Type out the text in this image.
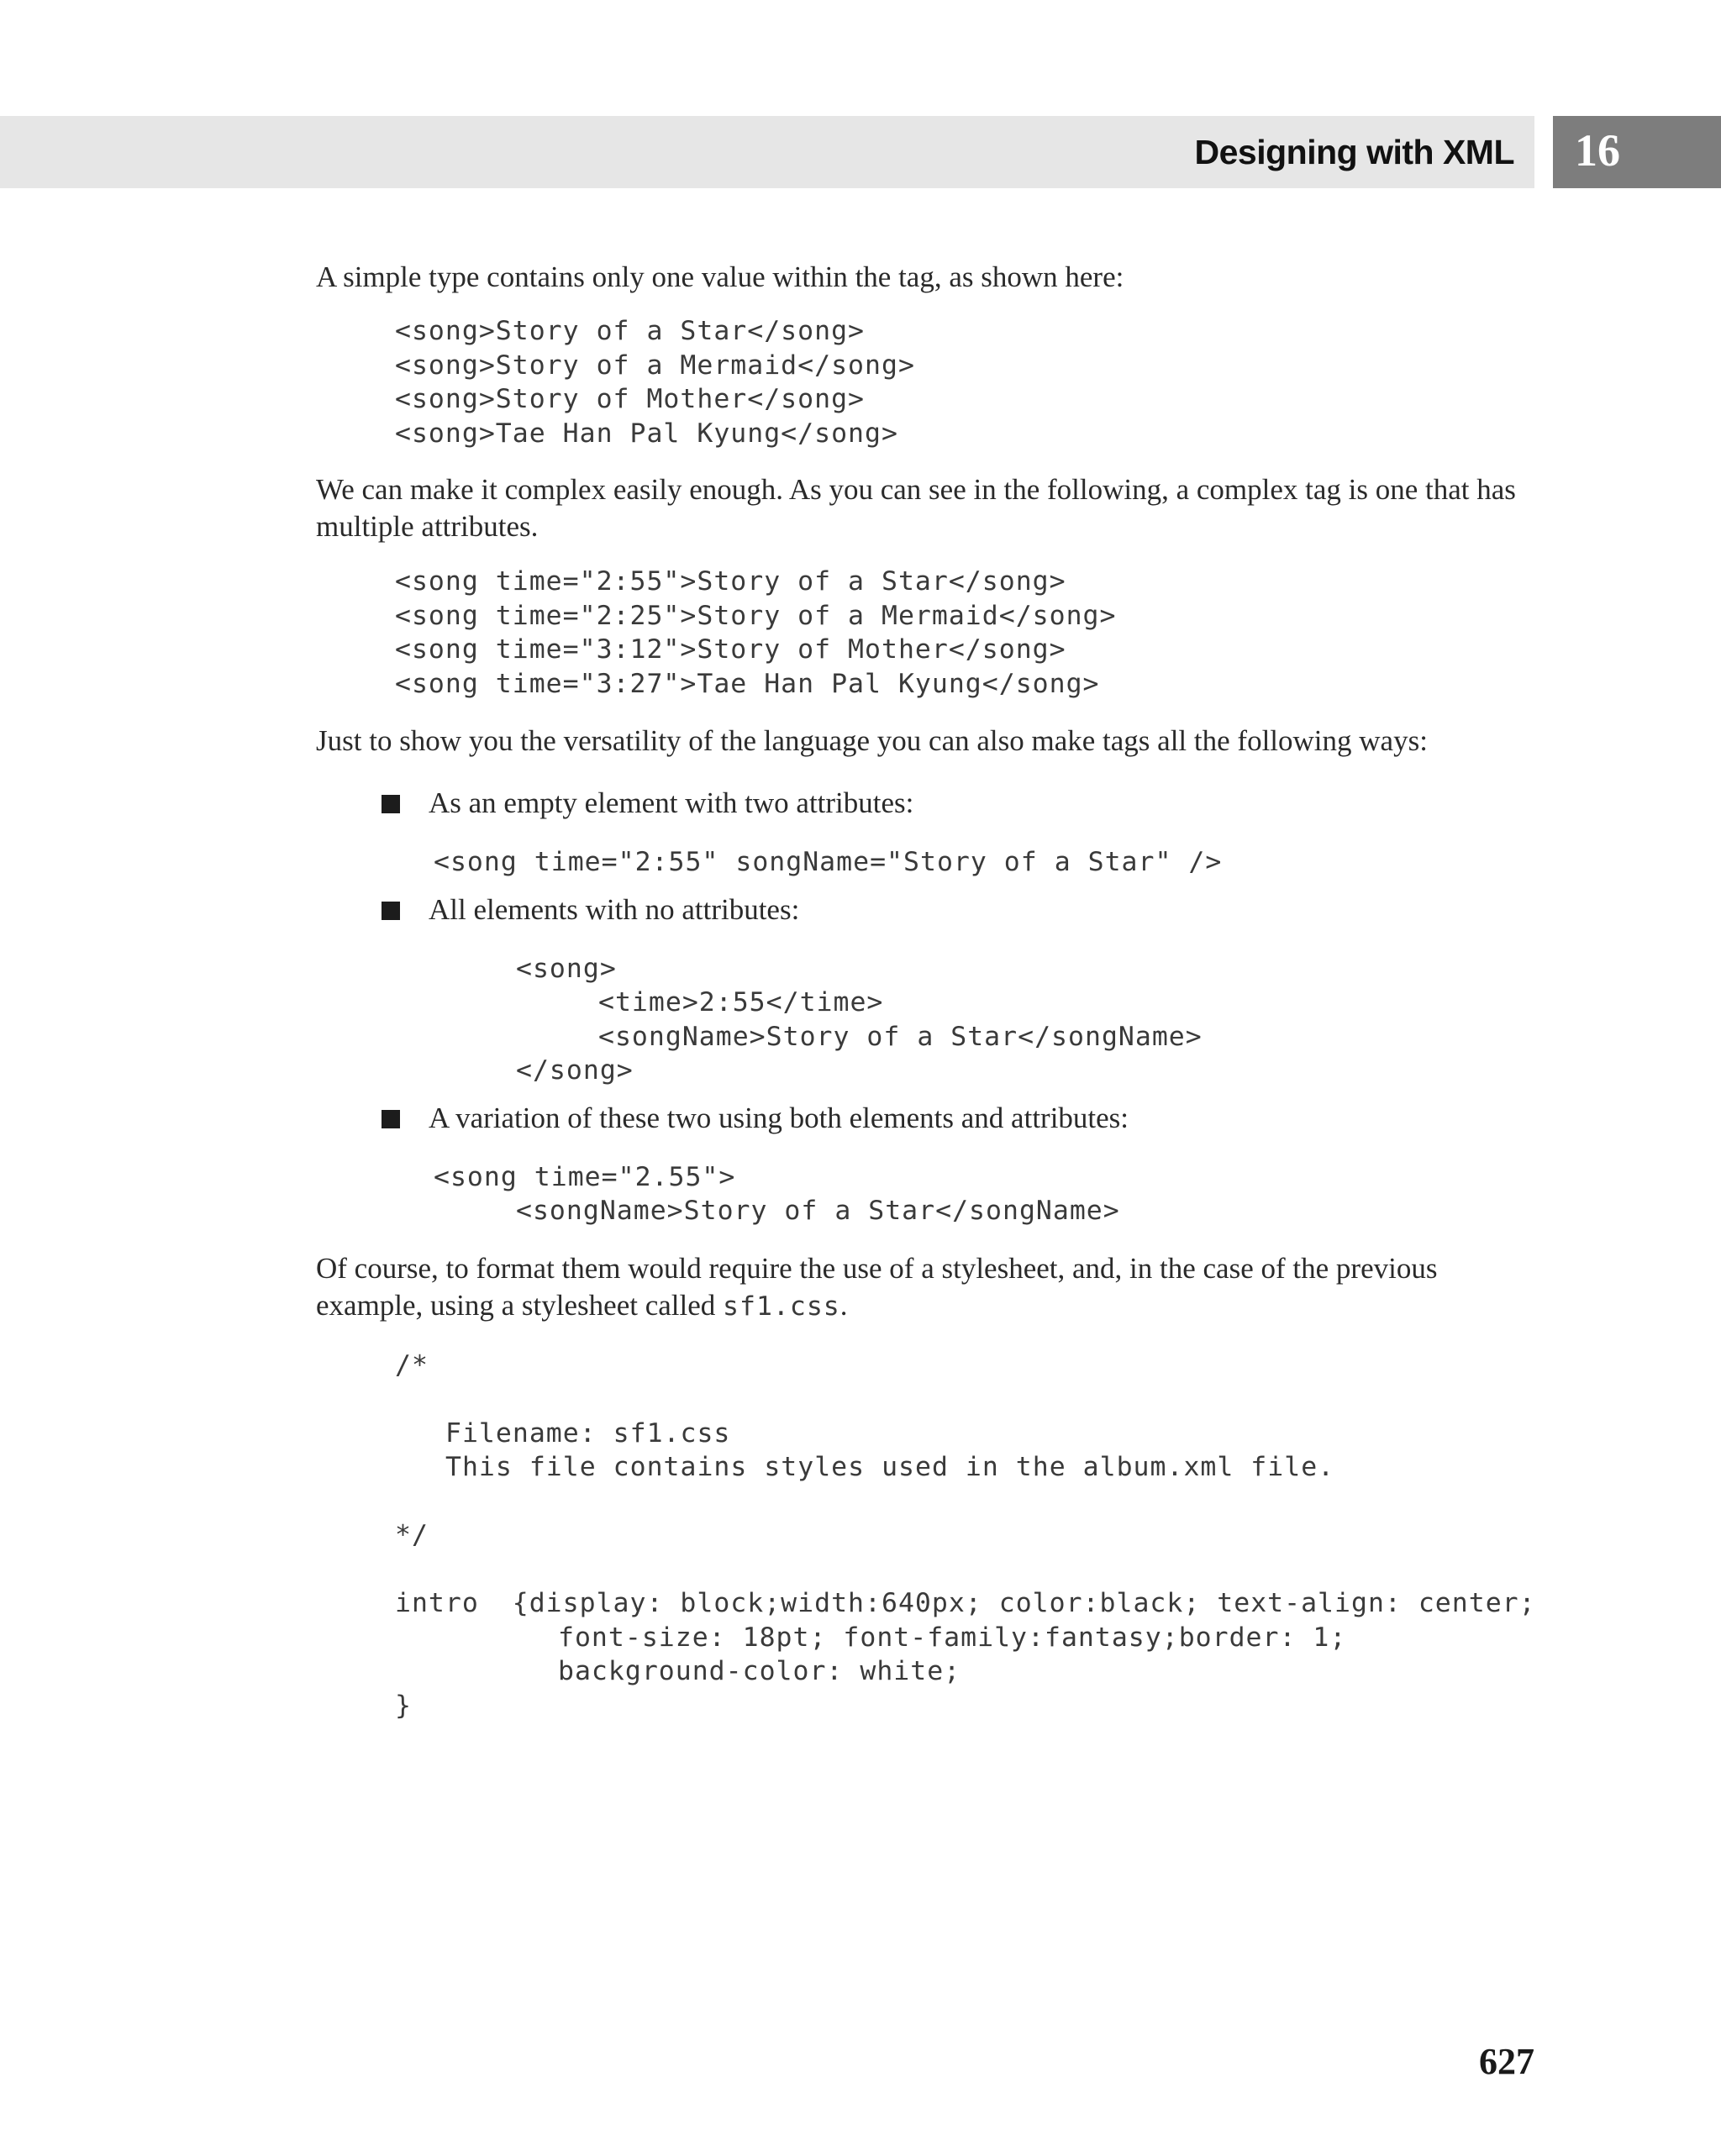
Designing with XML 16

A simple type contains only one value within the tag, as shown here:

<song>Story of a Star</song>
<song>Story of a Mermaid</song>
<song>Story of Mother</song>
<song>Tae Han Pal Kyung</song>

We can make it complex easily enough. As you can see in the following, a complex tag is one that has multiple attributes.

<song time="2:55">Story of a Star</song>
<song time="2:25">Story of a Mermaid</song>
<song time="3:12">Story of Mother</song>
<song time="3:27">Tae Han Pal Kyung</song>

Just to show you the versatility of the language you can also make tags all the following ways:

As an empty element with two attributes:
<song time="2:55" songName="Story of a Star" />
All elements with no attributes:
<song>
<time>2:55</time>
<songName>Story of a Star</songName>
</song>
A variation of these two using both elements and attributes:
<song time="2.55">
<songName>Story of a Star</songName>

Of course, to format them would require the use of a stylesheet, and, in the case of the previous example, using a stylesheet called sf1.css.

/*

Filename: sf1.css
This file contains styles used in the album.xml file.

*/

intro  {display: block;width:640px; color:black; text-align: center;
font-size: 18pt; font-family:fantasy;border: 1;
background-color: white;
}
627
